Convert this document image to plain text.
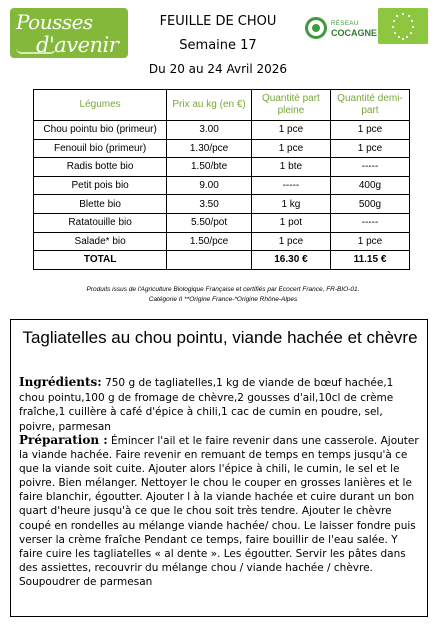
Pousses
d'avenir
FEUILLE DE CHOU
Semaine 17
Du 20 au 24 Avril 2026
RÉSEAU
COCAGNE
Légumes	Prix au kg (en €)	Quantité part pleine	Quantité demi-part
Chou pointu bio (primeur)	3.00	1 pce	1 pce
Fenouil bio (primeur)	1.30/pce	1 pce	1 pce
Radis botte bio	1.50/bte	1 bte	-----
Petit pois bio	9.00	-----	400g
Blette bio	3.50	1 kg	500g
Ratatouille bio	5.50/pot	1 pot	-----
Salade* bio	1.50/pce	1 pce	1 pce
TOTAL		16.30 €	11.15 €
Produits issus de l'Agriculture Biologique Française et certifiés par Ecocert France, FR-BIO-01.
Catégorie II **Origine France-*Origine Rhône-Alpes
Tagliatelles au chou pointu, viande hachée et chèvre
Ingrédients: 750 g de tagliatelles,1 kg de viande de bœuf hachée,1 chou pointu,100 g de fromage de chèvre,2 gousses d'ail,10cl de crème fraîche,1 cuillère à café d'épice à chili,1 cac de cumin en poudre, sel, poivre, parmesan
Préparation : Émincer l'ail et le faire revenir dans une casserole. Ajouter la viande hachée. Faire revenir en remuant de temps en temps jusqu'à ce que la viande soit cuite. Ajouter alors l'épice à chili, le cumin, le sel et le poivre. Bien mélanger. Nettoyer le chou le couper en grosses lanières et le faire blanchir, égoutter. Ajouter l à la viande hachée et cuire durant un bon quart d'heure jusqu'à ce que le chou soit très tendre. Ajouter le chèvre coupé en rondelles au mélange viande hachée/ chou. Le laisser fondre puis verser la crème fraîche Pendant ce temps, faire bouillir de l'eau salée. Y faire cuire les tagliatelles « al dente ». Les égoutter. Servir les pâtes dans des assiettes, recouvrir du mélange chou / viande hachée / chèvre. Soupoudrer de parmesan
